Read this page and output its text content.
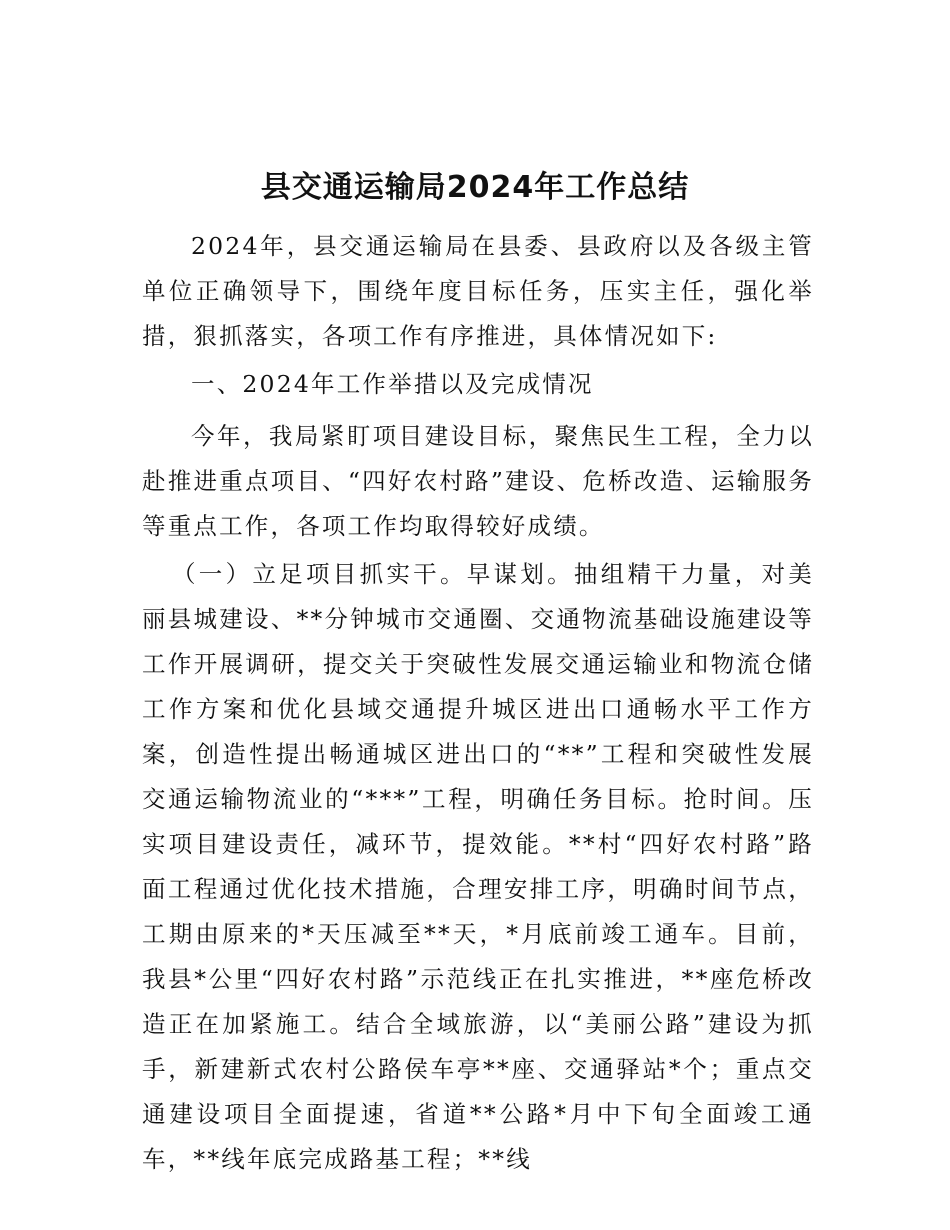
县交通运输局2024年工作总结

2024年，县交通运输局在县委、县政府以及各级主管单位正确领导下，围绕年度目标任务，压实主任，强化举措，狠抓落实，各项工作有序推进，具体情况如下:

一、2024年工作举措以及完成情况

今年，我局紧盯项目建设目标，聚焦民生工程，全力以赴推进重点项目、“四好农村路”建设、危桥改造、运输服务等重点工作，各项工作均取得较好成绩。

（一）立足项目抓实干。早谋划。抽组精干力量，对美丽县城建设、**分钟城市交通圈、交通物流基础设施建设等工作开展调研，提交关于突破性发展交通运输业和物流仓储工作方案和优化县域交通提升城区进出口通畅水平工作方案，创造性提出畅通城区进出口的“**”工程和突破性发展交通运输物流业的“***”工程，明确任务目标。抢时间。压实项目建设责任，减环节，提效能。**村“四好农村路”路面工程通过优化技术措施，合理安排工序，明确时间节点，工期由原来的*天压减至**天，*月底前竣工通车。目前，我县*公里“四好农村路”示范线正在扎实推进，**座危桥改造正在加紧施工。结合全域旅游，以“美丽公路”建设为抓手，新建新式农村公路侯车亭**座、交通驿站*个；重点交通建设项目全面提速，省道**公路*月中下旬全面竣工通车，**线年底完成路基工程；**线
